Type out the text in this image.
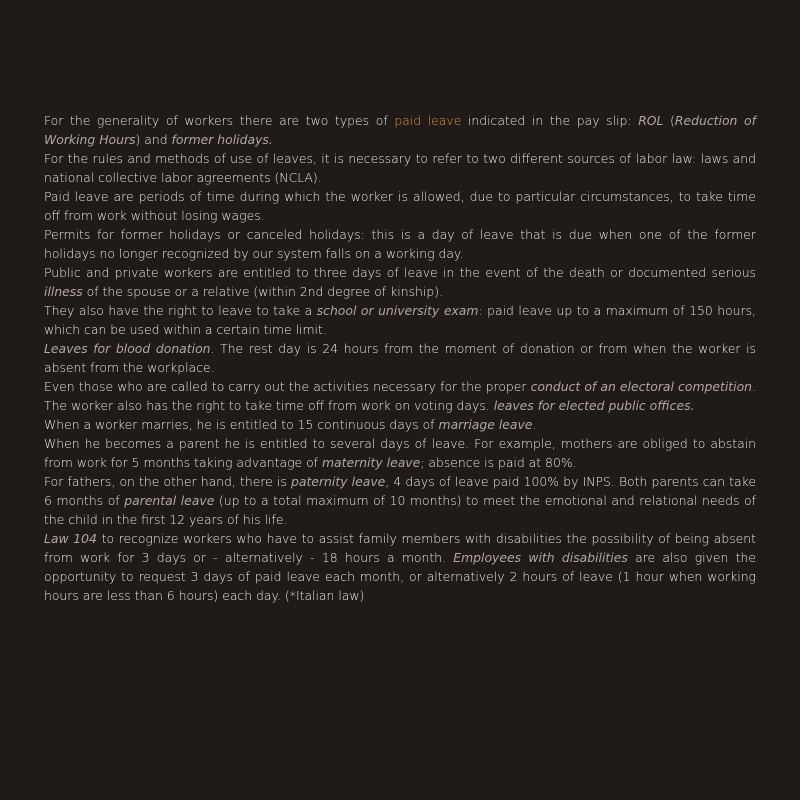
For the generality of workers there are two types of paid leave indicated in the pay slip: ROL (Reduction of Working Hours) and former holidays.

For the rules and methods of use of leaves, it is necessary to refer to two different sources of labor law: laws and national collective labor agreements (NCLA).

Paid leave are periods of time during which the worker is allowed, due to particular circumstances, to take time off from work without losing wages.

Permits for former holidays or canceled holidays: this is a day of leave that is due when one of the former holidays no longer recognized by our system falls on a working day.

Public and private workers are entitled to three days of leave in the event of the death or documented serious illness of the spouse or a relative (within 2nd degree of kinship).

They also have the right to leave to take a school or university exam: paid leave up to a maximum of 150 hours, which can be used within a certain time limit.

Leaves for blood donation. The rest day is 24 hours from the moment of donation or from when the worker is absent from the workplace.

Even those who are called to carry out the activities necessary for the proper conduct of an electoral competition. The worker also has the right to take time off from work on voting days. leaves for elected public offices.

When a worker marries, he is entitled to 15 continuous days of marriage leave.

When he becomes a parent he is entitled to several days of leave. For example, mothers are obliged to abstain from work for 5 months taking advantage of maternity leave; absence is paid at 80%.

For fathers, on the other hand, there is paternity leave, 4 days of leave paid 100% by INPS. Both parents can take 6 months of parental leave (up to a total maximum of 10 months) to meet the emotional and relational needs of the child in the first 12 years of his life.

Law 104 to recognize workers who have to assist family members with disabilities the possibility of being absent from work for 3 days or - alternatively - 18 hours a month. Employees with disabilities are also given the opportunity to request 3 days of paid leave each month, or alternatively 2 hours of leave (1 hour when working hours are less than 6 hours) each day. (*Italian law)
